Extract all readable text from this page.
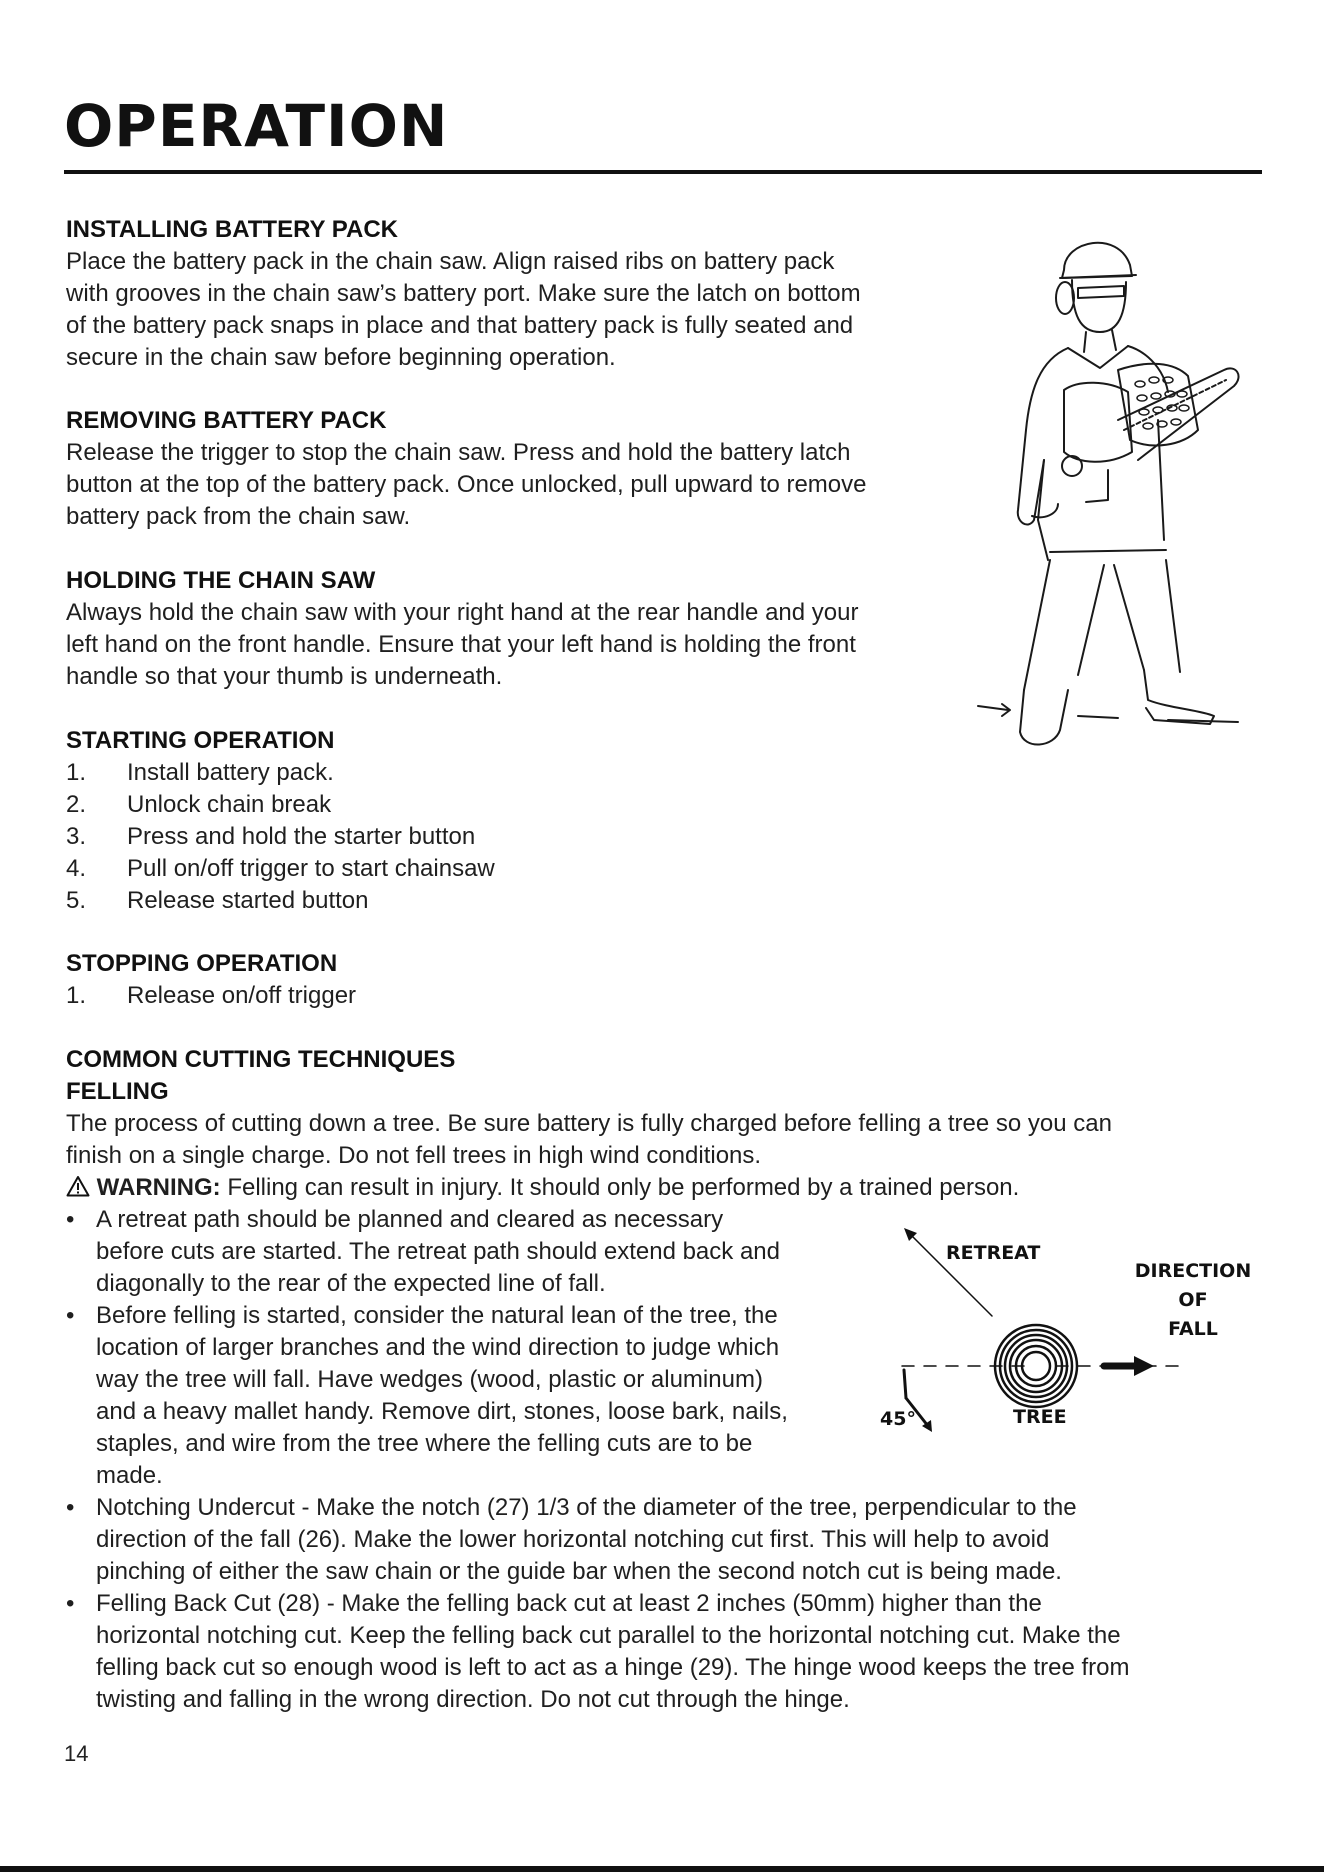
OPERATION

INSTALLING BATTERY PACK

Place the battery pack in the chain saw. Align raised ribs on battery pack

with grooves in the chain saw’s battery port. Make sure the latch on bottom

of the battery pack snaps in place and that battery pack is fully seated and

secure in the chain saw before beginning operation.

REMOVING BATTERY PACK

Release the trigger to stop the chain saw. Press and hold the battery latch

button at the top of the battery pack. Once unlocked, pull upward to remove

battery pack from the chain saw.

HOLDING THE CHAIN SAW

Always hold the chain saw with your right hand at the rear handle and your

left hand on the front handle. Ensure that your left hand is holding the front

handle so that your thumb is underneath.

STARTING OPERATION

1.	Install battery pack.
2.	Unlock chain break
3.	Press and hold the starter button
4.	Pull on/off trigger to start chainsaw
5.	Release started button

STOPPING OPERATION

1.	Release on/off trigger

COMMON CUTTING TECHNIQUES

FELLING

The process of cutting down a tree. Be sure battery is fully charged before felling a tree so you can

finish on a single charge. Do not fell trees in high wind conditions.

WARNING: Felling can result in injury. It should only be performed by a trained person.

• A retreat path should be planned and cleared as necessary
before cuts are started. The retreat path should extend back and
diagonally to the rear of the expected line of fall.
• Before felling is started, consider the natural lean of the tree, the
location of larger branches and the wind direction to judge which
way the tree will fall. Have wedges (wood, plastic or aluminum)
and a heavy mallet handy. Remove dirt, stones, loose bark, nails,
staples, and wire from the tree where the felling cuts are to be
made.
• Notching Undercut - Make the notch (27) 1/3 of the diameter of the tree, perpendicular to the
direction of the fall (26). Make the lower horizontal notching cut first. This will help to avoid
pinching of either the saw chain or the guide bar when the second notch cut is being made.
• Felling Back Cut (28) - Make the felling back cut at least 2 inches (50mm) higher than the
horizontal notching cut. Keep the felling back cut parallel to the horizontal notching cut. Make the
felling back cut so enough wood is left to act as a hinge (29). The hinge wood keeps the tree from
twisting and falling in the wrong direction. Do not cut through the hinge.
RETREAT
DIRECTION
OF
FALL
TREE
45°
14
